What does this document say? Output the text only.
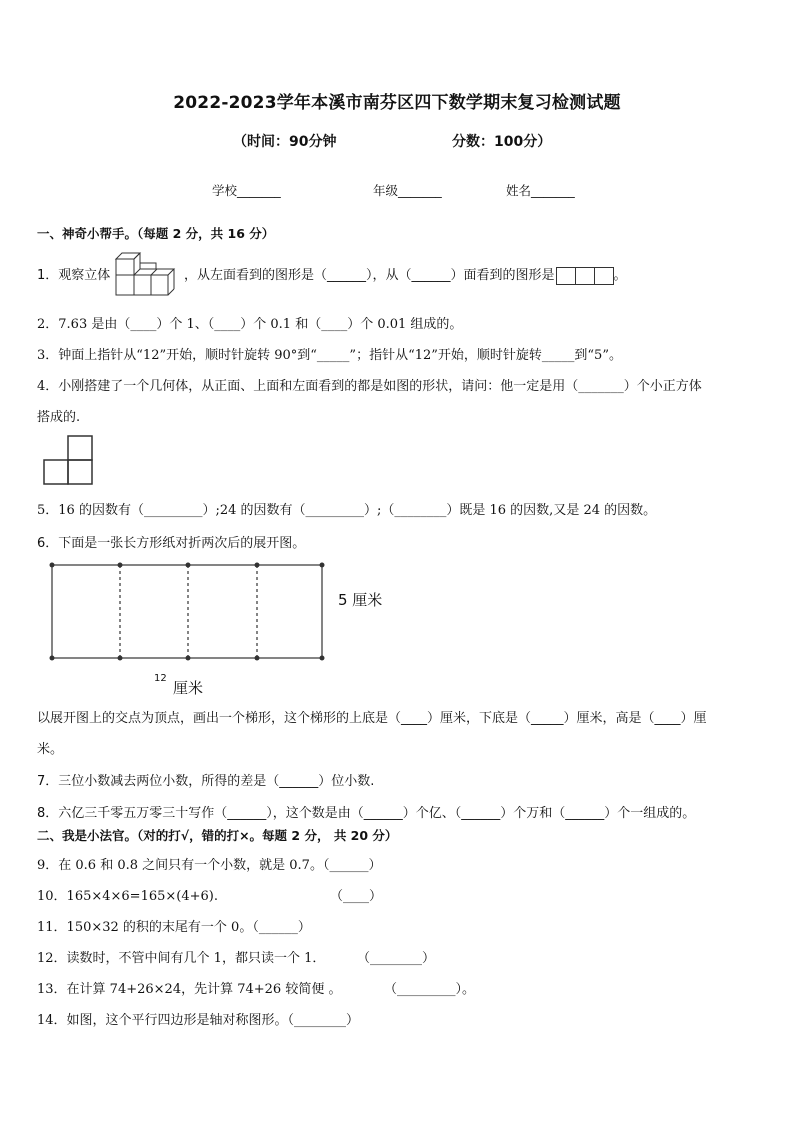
2022-2023学年本溪市南芬区四下数学期末复习检测试题
（时间：90分钟	分数：100分）
学校_______	年级_______	姓名_______
一、神奇小帮手。（每题 2 分，共 16 分）
1．观察立体	，从左面看到的图形是（______），从（______）面看到的图形是	。
2．7.63 是由（____）个 1、（____）个 0.1 和（____）个 0.01 组成的。
3．钟面上指针从“12”开始，顺时针旋转 90°到“_____”；指针从“12”开始，顺时针旋转_____到“5”。
4．小刚搭建了一个几何体，从正面、上面和左面看到的都是如图的形状，请问：他一定是用（_______）个小正方体
搭成的.
5．16 的因数有（_________）;24 的因数有（_________）;（________）既是 16 的因数,又是 24 的因数。
6．下面是一张长方形纸对折两次后的展开图。
5 厘米
12
厘米
以展开图上的交点为顶点，画出一个梯形，这个梯形的上底是（____）厘米，下底是（_____）厘米，高是（____）厘
米。
7．三位小数减去两位小数，所得的差是（______）位小数.
8．六亿三千零五万零三十写作（______），这个数是由（______）个亿、（______）个万和（______）个一组成的。
二、我是小法官。（对的打√，错的打×。每题 2 分， 共 20 分）
9．在 0.6 和 0.8 之间只有一个小数，就是 0.7。（______）
10．165×4×6=165×(4+6).	（____）
11．150×32 的积的末尾有一个 0。（______）
12．读数时，不管中间有几个 1，都只读一个 1． （________）
13．在计算 74+26×24，先计算 74+26 较简便 。	（_________）。
14．如图，这个平行四边形是轴对称图形。（________）
